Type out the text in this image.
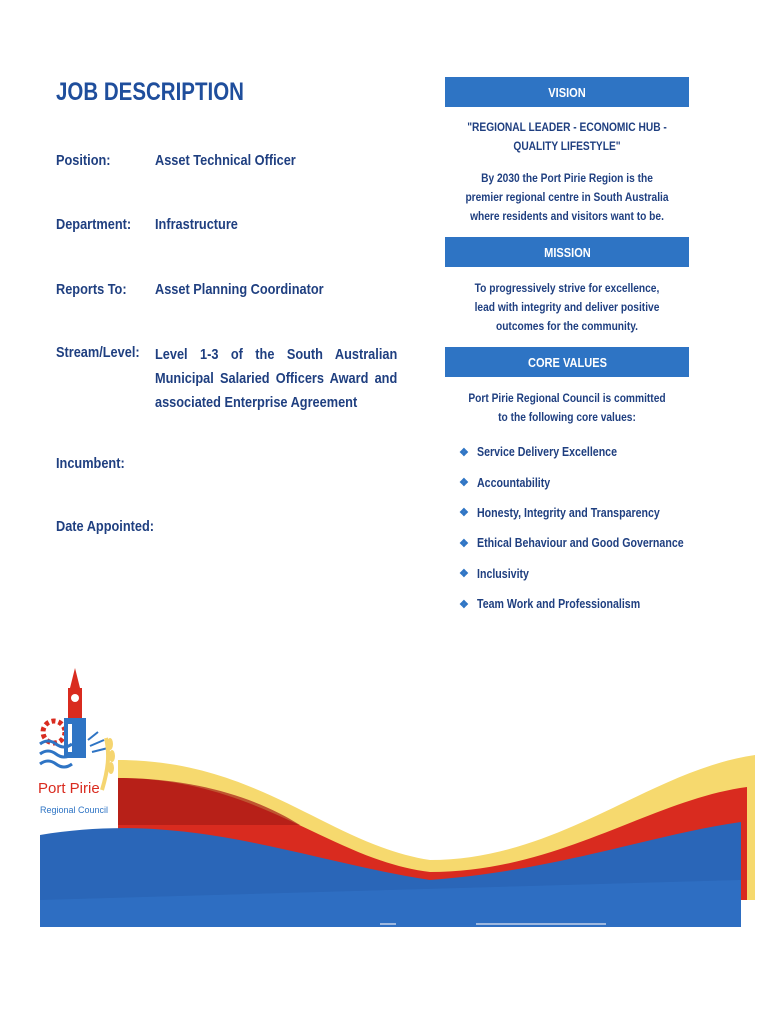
JOB DESCRIPTION
Position:	Asset Technical Officer
Department: Infrastructure
Reports To: Asset Planning Coordinator
Stream/Level: Level 1-3 of the South Australian Municipal Salaried Officers Award and associated Enterprise Agreement
Incumbent:
Date Appointed:
VISION
"REGIONAL LEADER - ECONOMIC HUB - QUALITY LIFESTYLE"
By 2030 the Port Pirie Region is the premier regional centre in South Australia where residents and visitors want to be.
MISSION
To progressively strive for excellence, lead with integrity and deliver positive outcomes for the community.
CORE VALUES
Port Pirie Regional Council is committed to the following core values:
❖ Service Delivery Excellence
❖ Accountability
❖ Honesty, Integrity and Transparency
❖ Ethical Behaviour and Good Governance
❖ Inclusivity
❖ Team Work and Professionalism
Port Pirie
Regional Council
